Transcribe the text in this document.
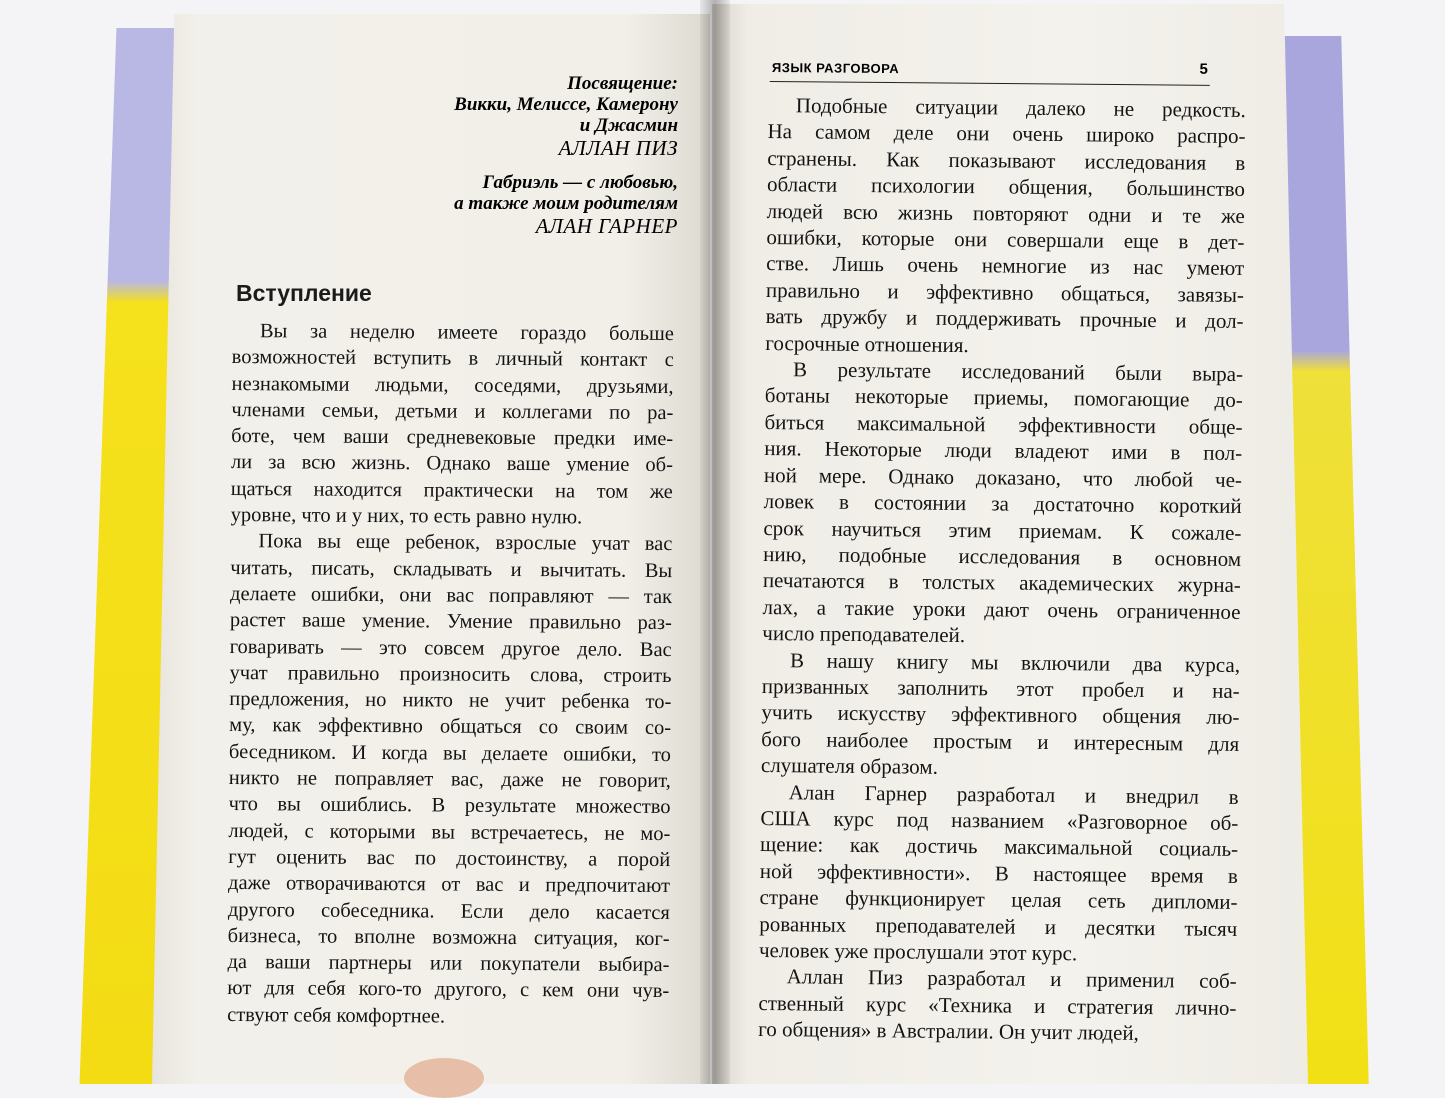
Посвящение:
Викки, Мелиссе, Камерону
и Джасмин
АЛЛАН ПИЗ
Габриэль — с любовью,
а также моим родителям
АЛАН ГАРНЕР
Вступление

Вы за неделю имеете гораздо больше
возможностей вступить в личный контакт с
незнакомыми людьми, соседями, друзьями,
членами семьи, детьми и коллегами по ра-
боте, чем ваши средневековые предки име-
ли за всю жизнь. Однако ваше умение об-
щаться находится практически на том же
уровне, что и у них, то есть равно нулю.

Пока вы еще ребенок, взрослые учат вас
читать, писать, складывать и вычитать. Вы
делаете ошибки, они вас поправляют — так
растет ваше умение. Умение правильно раз-
говаривать — это совсем другое дело. Вас
учат правильно произносить слова, строить
предложения, но никто не учит ребенка то-
му, как эффективно общаться со своим со-
беседником. И когда вы делаете ошибки, то
никто не поправляет вас, даже не говорит,
что вы ошиблись. В результате множество
людей, с которыми вы встречаетесь, не мо-
гут оценить вас по достоинству, а порой
даже отворачиваются от вас и предпочитают
другого собеседника. Если дело касается
бизнеса, то вполне возможна ситуация, ког-
да ваши партнеры или покупатели выбира-
ют для себя кого-то другого, с кем они чув-
ствуют себя комфортнее.

ЯЗЫК РАЗГОВОРА	5

Подобные ситуации далеко не редкость.
На самом деле они очень широко распро-
странены. Как показывают исследования в
области психологии общения, большинство
людей всю жизнь повторяют одни и те же
ошибки, которые они совершали еще в дет-
стве. Лишь очень немногие из нас умеют
правильно и эффективно общаться, завязы-
вать дружбу и поддерживать прочные и дол-
госрочные отношения.

В результате исследований были выра-
ботаны некоторые приемы, помогающие до-
биться максимальной эффективности обще-
ния. Некоторые люди владеют ими в пол-
ной мере. Однако доказано, что любой че-
ловек в состоянии за достаточно короткий
срок научиться этим приемам. К сожале-
нию, подобные исследования в основном
печатаются в толстых академических журна-
лах, а такие уроки дают очень ограниченное
число преподавателей.

В нашу книгу мы включили два курса,
призванных заполнить этот пробел и на-
учить искусству эффективного общения лю-
бого наиболее простым и интересным для
слушателя образом.

Алан Гарнер разработал и внедрил в
США курс под названием «Разговорное об-
щение: как достичь максимальной социаль-
ной эффективности». В настоящее время в
стране функционирует целая сеть дипломи-
рованных преподавателей и десятки тысяч
человек уже прослушали этот курс.

Аллан Пиз разработал и применил соб-
ственный курс «Техника и стратегия лично-
го общения» в Австралии. Он учит людей,
